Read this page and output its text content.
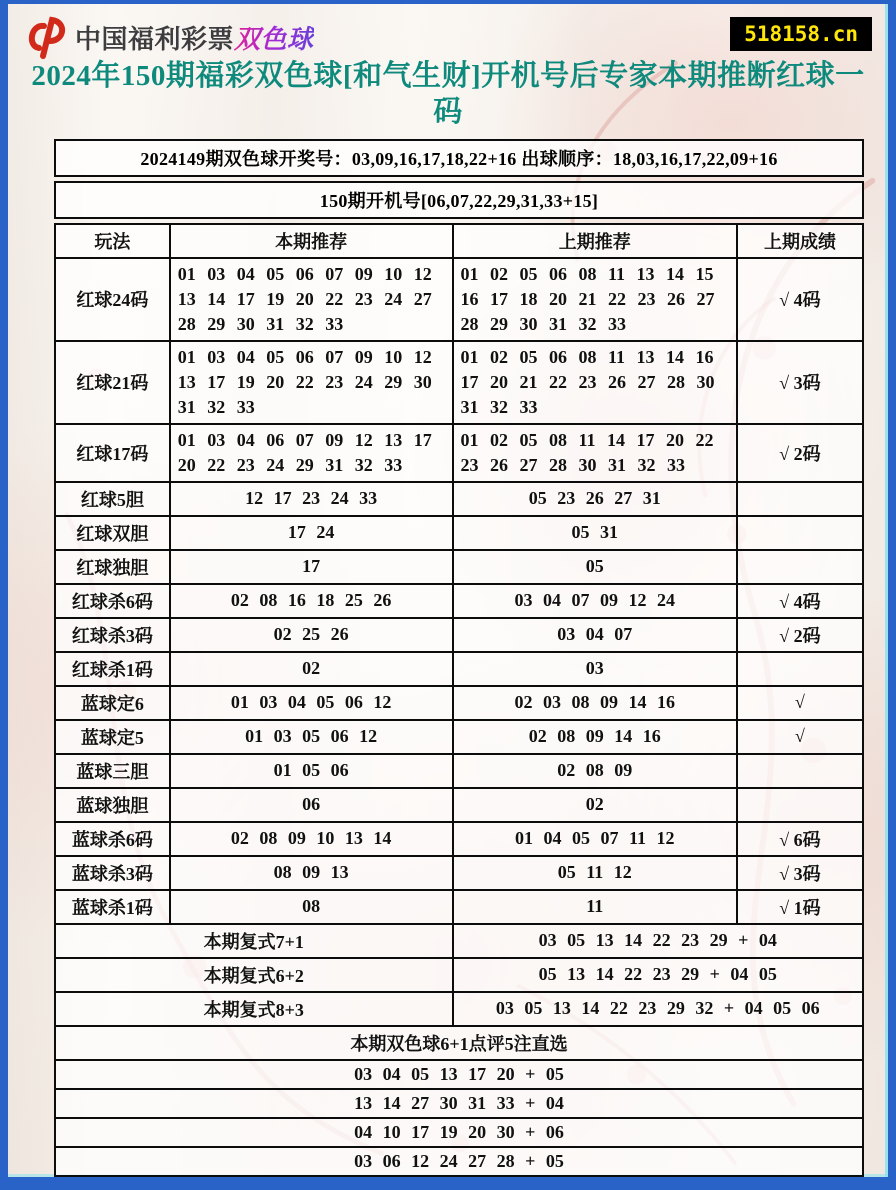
中国福利彩票双色球	518158.cn
2024年150期福彩双色球[和气生财]开机号后专家本期推断红球一码
2024149期双色球开奖号：03,09,16,17,18,22+16 出球顺序：18,03,16,17,22,09+16
150期开机号[06,07,22,29,31,33+15]
玩法	本期推荐	上期推荐	上期成绩
红球24码	01 03 04 05 06 07 09 10 12 13 14 17 19 20 22 23 24 27 28 29 30 31 32 33	01 02 05 06 08 11 13 14 15 16 17 18 20 21 22 23 26 27 28 29 30 31 32 33	√ 4码
红球21码	01 03 04 05 06 07 09 10 12 13 17 19 20 22 23 24 29 30 31 32 33	01 02 05 06 08 11 13 14 16 17 20 21 22 23 26 27 28 30 31 32 33	√ 3码
红球17码	01 03 04 06 07 09 12 13 17 20 22 23 24 29 31 32 33	01 02 05 08 11 14 17 20 22 23 26 27 28 30 31 32 33	√ 2码
红球5胆	12 17 23 24 33	05 23 26 27 31	
红球双胆	17 24	05 31	
红球独胆	17	05	
红球杀6码	02 08 16 18 25 26	03 04 07 09 12 24	√ 4码
红球杀3码	02 25 26	03 04 07	√ 2码
红球杀1码	02	03	
蓝球定6	01 03 04 05 06 12	02 03 08 09 14 16	√
蓝球定5	01 03 05 06 12	02 08 09 14 16	√
蓝球三胆	01 05 06	02 08 09	
蓝球独胆	06	02	
蓝球杀6码	02 08 09 10 13 14	01 04 05 07 11 12	√ 6码
蓝球杀3码	08 09 13	05 11 12	√ 3码
蓝球杀1码	08	11	√ 1码
本期复式7+1		03 05 13 14 22 23 29 + 04	
本期复式6+2		05 13 14 22 23 29 + 04 05	
本期复式8+3		03 05 13 14 22 23 29 32 + 04 05 06	
本期双色球6+1点评5注直选			
03 04 05 13 17 20 + 05			
13 14 27 30 31 33 + 04			
04 10 17 19 20 30 + 06			
03 06 12 24 27 28 + 05			
06 09 10 23 30 32 + 12			
